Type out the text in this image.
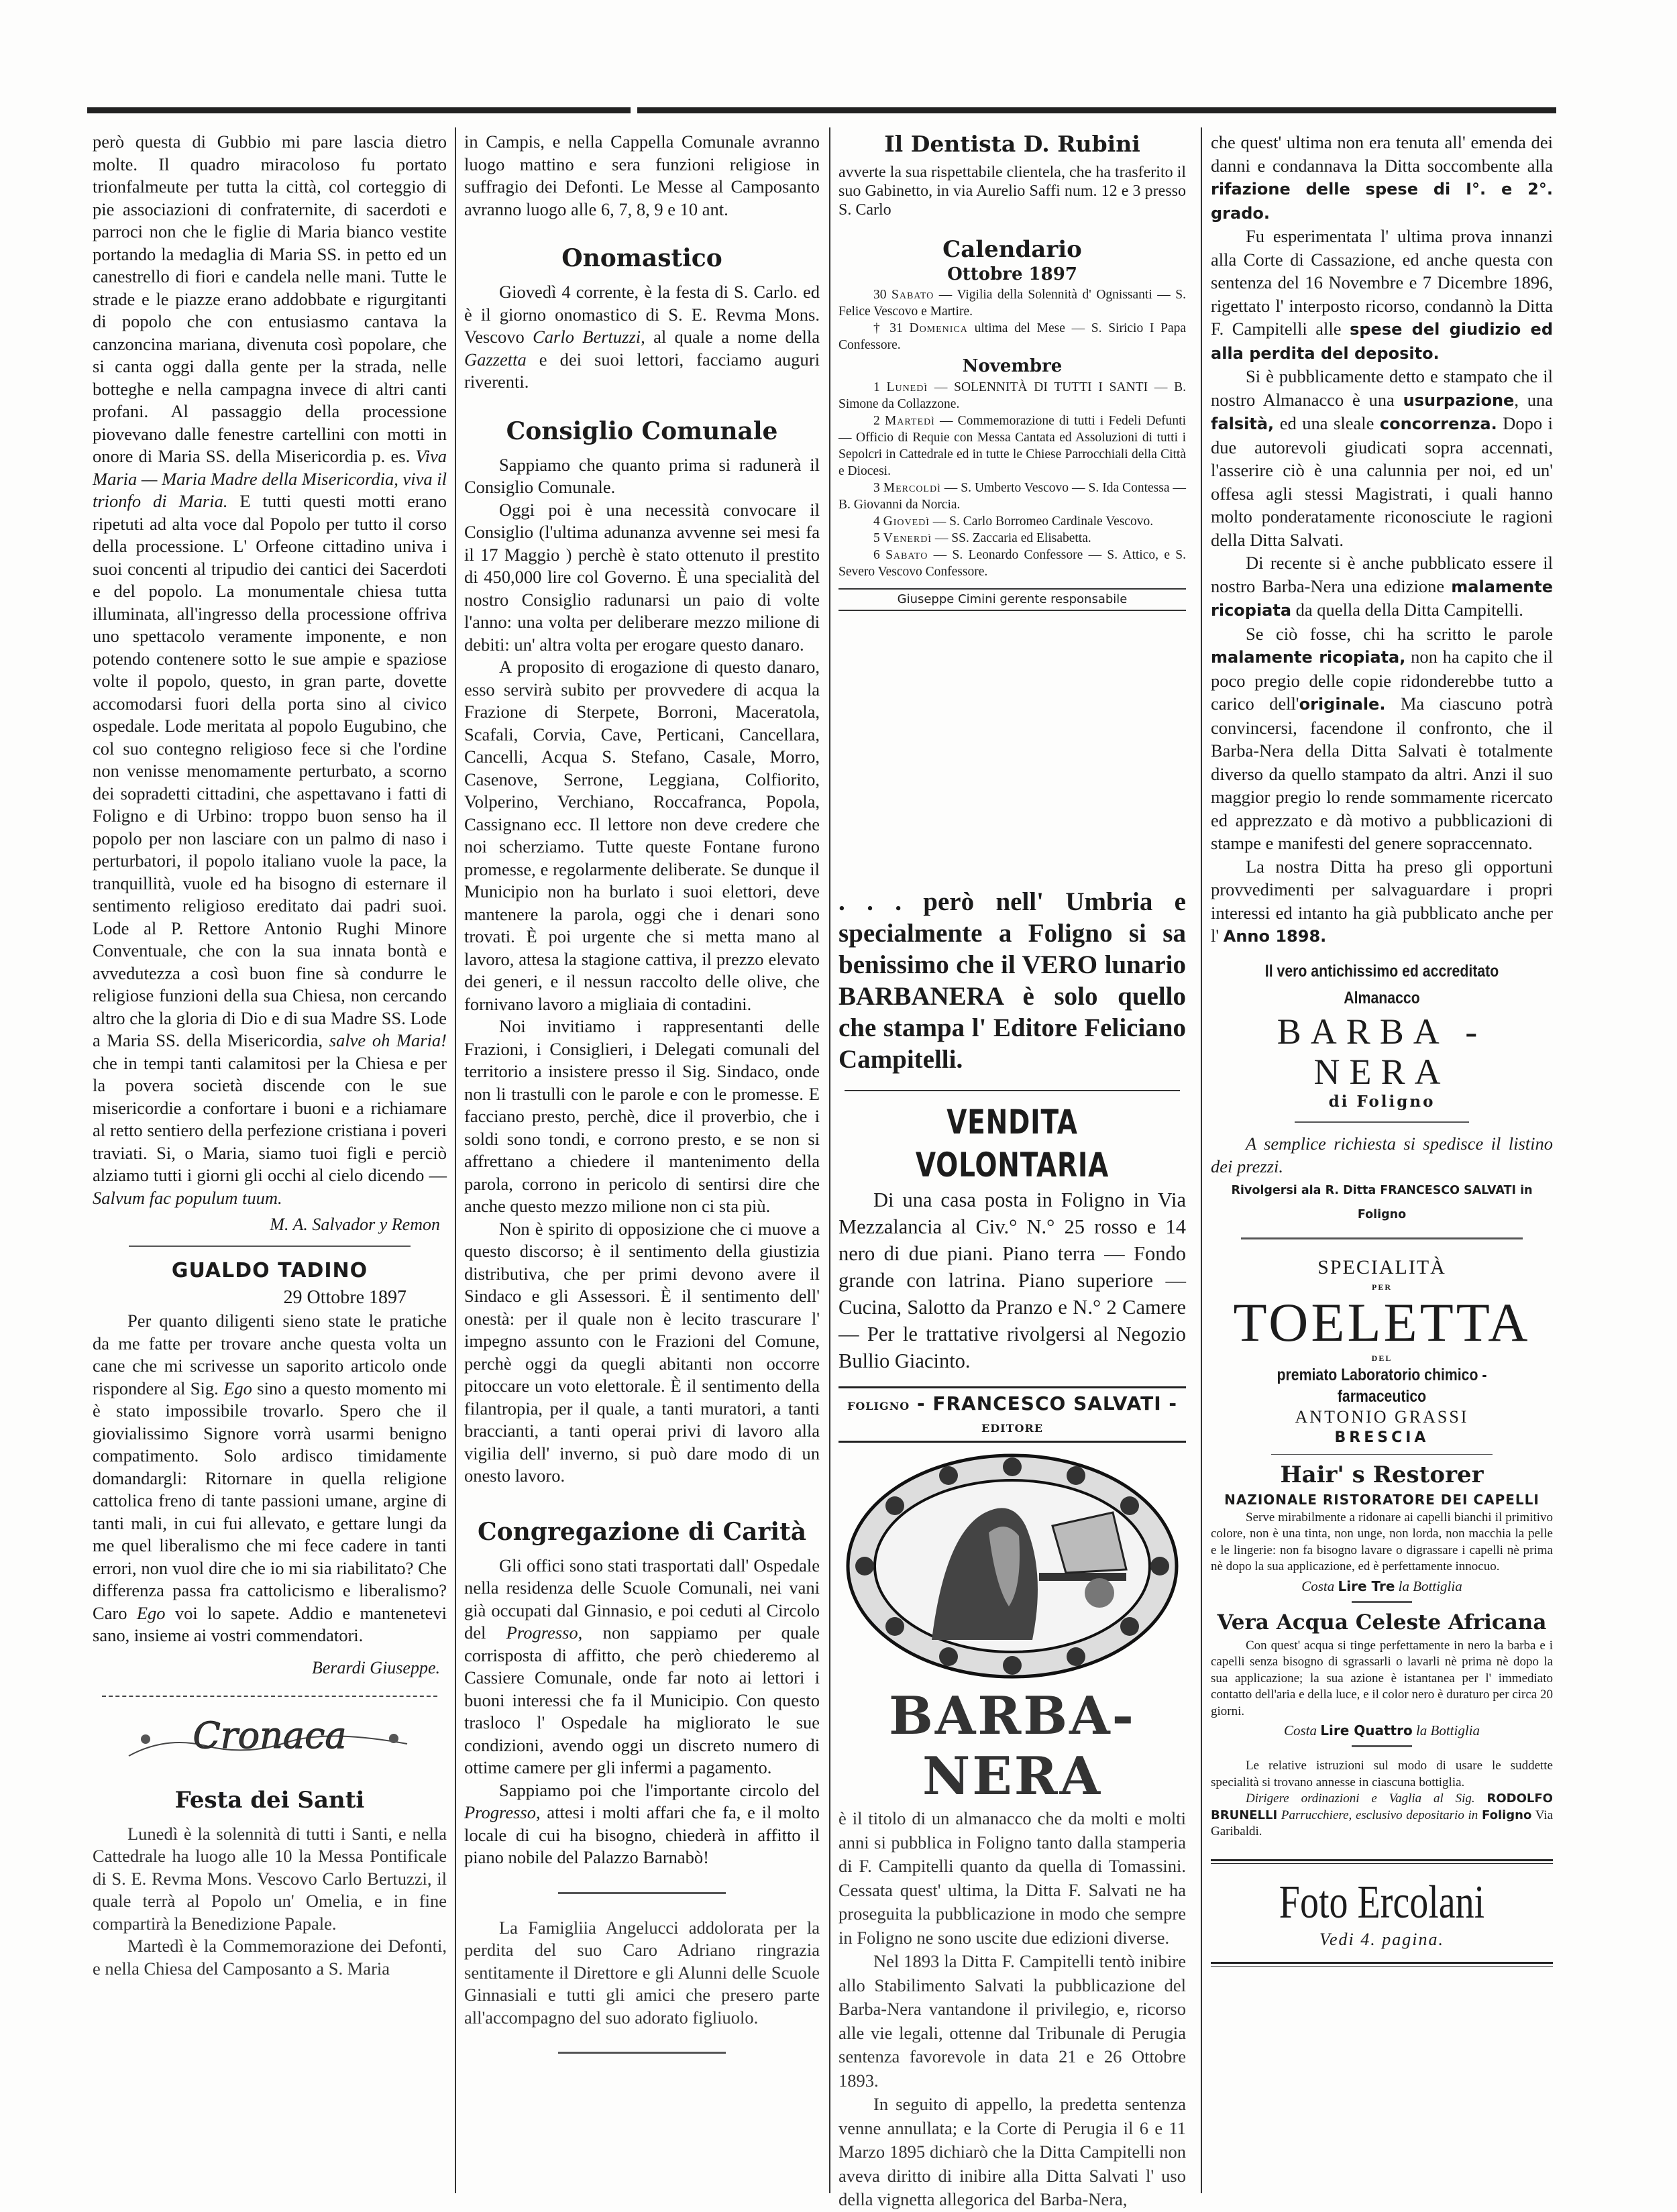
però questa di Gubbio mi pare lascia dietro molte. Il quadro miracoloso fu portato trionfalmeute per tutta la città, col corteggio di pie associazioni di confraternite, di sacerdoti e parroci non che le figlie di Maria bianco vestite portando la medaglia di Maria SS. in petto ed un canestrello di fiori e candela nelle mani. Tutte le strade e le piazze erano addobbate e rigurgitanti di popolo che con entusiasmo cantava la canzoncina mariana, divenuta così popolare, che si canta oggi dalla gente per la strada, nelle botteghe e nella campagna invece di altri canti profani. Al passaggio della processione piovevano dalle fenestre cartellini con motti in onore di Maria SS. della Misericordia p. es. Viva Maria — Maria Madre della Misericordia, viva il trionfo di Maria. E tutti questi motti erano ripetuti ad alta voce dal Popolo per tutto il corso della processione. L' Orfeone cittadino univa i suoi concenti al tripudio dei cantici dei Sacerdoti e del popolo. La monumentale chiesa tutta illuminata, all'ingresso della processione offriva uno spettacolo veramente imponente, e non potendo contenere sotto le sue ampie e spaziose volte il popolo, questo, in gran parte, dovette accomodarsi fuori della porta sino al civico ospedale. Lode meritata al popolo Eugubino, che col suo contegno religioso fece si che l'ordine non venisse menomamente perturbato, a scorno dei sopradetti cittadini, che aspettavano i fatti di Foligno e di Urbino: troppo buon senso ha il popolo per non lasciare con un palmo di naso i perturbatori, il popolo italiano vuole la pace, la tranquillità, vuole ed ha bisogno di esternare il sentimento religioso ereditato dai padri suoi. Lode al P. Rettore Antonio Rughi Minore Conventuale, che con la sua innata bontà e avvedutezza a così buon fine sà condurre le religiose funzioni della sua Chiesa, non cercando altro che la gloria di Dio e di sua Madre SS. Lode a Maria SS. della Misericordia, salve oh Maria! che in tempi tanti calamitosi per la Chiesa e per la povera società discende con le sue misericordie a confortare i buoni e a richiamare al retto sentiero della perfezione cristiana i poveri traviati. Si, o Maria, siamo tuoi figli e perciò alziamo tutti i giorni gli occhi al cielo dicendo — Salvum fac populum tuum.

M. A. Salvador y Remon
GUALDO TADINO
29 Ottobre 1897

Per quanto diligenti sieno state le pratiche da me fatte per trovare anche questa volta un cane che mi scrivesse un saporito articolo onde rispondere al Sig. Ego sino a questo momento mi è stato impossibile trovarlo. Spero che il giovialissimo Signore vorrà usarmi benigno compatimento. Solo ardisco timidamente domandargli: Ritornare in quella religione cattolica freno di tante passioni umane, argine di tanti mali, in cui fui allevato, e gettare lungi da me quel liberalismo che mi fece cadere in tanti errori, non vuol dire che io mi sia riabilitato? Che differenza passa fra cattolicismo e liberalismo? Caro Ego voi lo sapete. Addio e mantenetevi sano, insieme ai vostri commendatori.

Berardi Giuseppe.
Cronaca
Festa dei Santi

Lunedì è la solennità di tutti i Santi, e nella Cattedrale ha luogo alle 10 la Messa Pontificale di S. E. Revma Mons. Vescovo Carlo Bertuzzi, il quale terrà al Popolo un' Omelia, e in fine compartirà la Benedizione Papale.

Martedì è la Commemorazione dei Defonti, e nella Chiesa del Camposanto a S. Maria

in Campis, e nella Cappella Comunale avranno luogo mattino e sera funzioni religiose in suffragio dei Defonti. Le Messe al Camposanto avranno luogo alle 6, 7, 8, 9 e 10 ant.

Onomastico

Giovedì 4 corrente, è la festa di S. Carlo. ed è il giorno onomastico di S. E. Revma Mons. Vescovo Carlo Bertuzzi, al quale a nome della Gazzetta e dei suoi lettori, facciamo auguri riverenti.

Consiglio Comunale

Sappiamo che quanto prima si radunerà il Consiglio Comunale.

Oggi poi è una necessità convocare il Consiglio (l'ultima adunanza avvenne sei mesi fa il 17 Maggio ) perchè è stato ottenuto il prestito di 450,000 lire col Governo. È una specialità del nostro Consiglio radunarsi un paio di volte l'anno: una volta per deliberare mezzo milione di debiti: un' altra volta per erogare questo danaro.

A proposito di erogazione di questo danaro, esso servirà subito per provvedere di acqua la Frazione di Sterpete, Borroni, Maceratola, Scafali, Corvia, Cave, Perticani, Cancellara, Cancelli, Acqua S. Stefano, Casale, Morro, Casenove, Serrone, Leggiana, Colfiorito, Volperino, Verchiano, Roccafranca, Popola, Cassignano ecc. Il lettore non deve credere che noi scherziamo. Tutte queste Fontane furono promesse, e regolarmente deliberate. Se dunque il Municipio non ha burlato i suoi elettori, deve mantenere la parola, oggi che i denari sono trovati. È poi urgente che si metta mano al lavoro, attesa la stagione cattiva, il prezzo elevato dei generi, e il nessun raccolto delle olive, che fornivano lavoro a migliaia di contadini.

Noi invitiamo i rappresentanti delle Frazioni, i Consiglieri, i Delegati comunali del territorio a insistere presso il Sig. Sindaco, onde non li trastulli con le parole e con le promesse. E facciano presto, perchè, dice il proverbio, che i soldi sono tondi, e corrono presto, e se non si affrettano a chiedere il mantenimento della parola, corrono in pericolo di sentirsi dire che anche questo mezzo milione non ci sta più.

Non è spirito di opposizione che ci muove a questo discorso; è il sentimento della giustizia distributiva, che per primi devono avere il Sindaco e gli Assessori. È il sentimento dell' onestà: per il quale non è lecito trascurare l' impegno assunto con le Frazioni del Comune, perchè oggi da quegli abitanti non occorre pitoccare un voto elettorale. È il sentimento della filantropia, per il quale, a tanti muratori, a tanti braccianti, a tanti operai privi di lavoro alla vigilia dell' inverno, si può dare modo di un onesto lavoro.

Congregazione di Carità

Gli offici sono stati trasportati dall' Ospedale nella residenza delle Scuole Comunali, nei vani già occupati dal Ginnasio, e poi ceduti al Circolo del Progresso, non sappiamo per quale corrisposta di affitto, che però chiederemo al Cassiere Comunale, onde far noto ai lettori i buoni interessi che fa il Municipio. Con questo trasloco l' Ospedale ha migliorato le sue condizioni, avendo oggi un discreto numero di ottime camere per gli infermi a pagamento.

Sappiamo poi che l'importante circolo del Progresso, attesi i molti affari che fa, e il molto locale di cui ha bisogno, chiederà in affitto il piano nobile del Palazzo Barnabò!

La Famigliia Angelucci addolorata per la perdita del suo Caro Adriano ringrazia sentitamente il Direttore e gli Alunni delle Scuole Ginnasiali e tutti gli amici che presero parte all'accompagno del suo adorato figliuolo.

Il Dentista D. Rubini

avverte la sua rispettabile clientela, che ha trasferito il suo Gabinetto, in via Aurelio Saffi num. 12 e 3 presso S. Carlo

Calendario
Ottobre 1897

30 Sabato — Vigilia della Solennità d' Ognissanti — S. Felice Vescovo e Martire.

† 31 Domenica ultima del Mese — S. Siricio I Papa Confessore.

Novembre

1 Lunedì — SOLENNITÀ DI TUTTI I SANTI — B. Simone da Collazzone.

2 Martedì — Commemorazione di tutti i Fedeli Defunti — Officio di Requie con Messa Cantata ed Assoluzioni di tutti i Sepolcri in Cattedrale ed in tutte le Chiese Parrocchiali della Città e Diocesi.

3 Mercoldì — S. Umberto Vescovo — S. Ida Contessa — B. Giovanni da Norcia.

4 Giovedì — S. Carlo Borromeo Cardinale Vescovo.

5 Venerdì — SS. Zaccaria ed Elisabetta.

6 Sabato — S. Leonardo Confessore — S. Attico, e S. Severo Vescovo Confessore.

Giuseppe Cimini gerente responsabile

. . . però nell' Umbria e specialmente a Foligno si sa benissimo che il VERO lunario BARBANERA è solo quello che stampa l' Editore Feliciano Campitelli.

VENDITA VOLONTARIA

Di una casa posta in Foligno in Via Mezzalancia al Civ.° N.° 25 rosso e 14 nero di due piani. Piano terra — Fondo grande con latrina. Piano superiore — Cucina, Salotto da Pranzo e N.° 2 Camere — Per le trattative rivolgersi al Negozio Bullio Giacinto.

FOLIGNO - FRANCESCO SALVATI - EDITORE
BARBA-NERA

è il titolo di un almanacco che da molti e molti anni si pubblica in Foligno tanto dalla stamperia di F. Campitelli quanto da quella di Tomassini. Cessata quest' ultima, la Ditta F. Salvati ne ha proseguita la pubblicazione in modo che sempre in Foligno ne sono uscite due edizioni diverse.

Nel 1893 la Ditta F. Campitelli tentò inibire allo Stabilimento Salvati la pubblicazione del Barba-Nera vantandone il privilegio, e, ricorso alle vie legali, ottenne dal Tribunale di Perugia sentenza favorevole in data 21 e 26 Ottobre 1893.

In seguito di appello, la predetta sentenza venne annullata; e la Corte di Perugia il 6 e 11 Marzo 1895 dichiarò che la Ditta Campitelli non aveva diritto di inibire alla Ditta Salvati l' uso della vignetta allegorica del Barba-Nera,

che quest' ultima non era tenuta all' emenda dei danni e condannava la Ditta soccombente alla rifazione delle spese di I°. e 2°. grado.

Fu esperimentata l' ultima prova innanzi alla Corte di Cassazione, ed anche questa con sentenza del 16 Novembre e 7 Dicembre 1896, rigettato l' interposto ricorso, condannò la Ditta F. Campitelli alle spese del giudizio ed alla perdita del deposito.

Si è pubblicamente detto e stampato che il nostro Almanacco è una usurpazione, una falsità, ed una sleale concorrenza. Dopo i due autorevoli giudicati sopra accennati, l'asserire ciò è una calunnia per noi, ed un' offesa agli stessi Magistrati, i quali hanno molto ponderatamente riconosciute le ragioni della Ditta Salvati.

Di recente si è anche pubblicato essere il nostro Barba-Nera una edizione malamente ricopiata da quella della Ditta Campitelli.

Se ciò fosse, chi ha scritto le parole malamente ricopiata, non ha capito che il poco pregio delle copie ridonderebbe tutto a carico dell'originale. Ma ciascuno potrà convincersi, facendone il confronto, che il Barba-Nera della Ditta Salvati è totalmente diverso da quello stampato da altri. Anzi il suo maggior pregio lo rende sommamente ricercato ed apprezzato e dà motivo a pubblicazioni di stampe e manifesti del genere sopraccennato.

La nostra Ditta ha preso gli opportuni provvedimenti per salvaguardare i propri interessi ed intanto ha già pubblicato anche per l' Anno 1898.

Il vero antichissimo ed accreditato Almanacco
BARBA - NERA
di Foligno

A semplice richiesta si spedisce il listino dei prezzi.

Rivolgersi ala R. Ditta FRANCESCO SALVATI in Foligno
SPECIALITÀ
PER
TOELETTA
DEL
premiato Laboratorio chimico - farmaceutico
ANTONIO GRASSI
BRESCIA
Hair' s Restorer
NAZIONALE RISTORATORE DEI CAPELLI

Serve mirabilmente a ridonare ai capelli bianchi il primitivo colore, non è una tinta, non unge, non lorda, non macchia la pelle e le lingerie: non fa bisogno lavare o digrassare i capelli nè prima nè dopo la sua applicazione, ed è perfettamente innocuo.

Costa Lire Tre la Bottiglia
Vera Acqua Celeste Africana

Con quest' acqua si tinge perfettamente in nero la barba e i capelli senza bisogno di sgrassarli o lavarli nè prima nè dopo la sua applicazione; la sua azione è istantanea per l' immediato contatto dell'aria e della luce, e il color nero è duraturo per circa 20 giorni.

Costa Lire Quattro la Bottiglia

Le relative istruzioni sul modo di usare le suddette specialità si trovano annesse in ciascuna bottiglia.

Dirigere ordinazioni e Vaglia al Sig. RODOLFO BRUNELLI Parrucchiere, esclusivo depositario in Foligno Via Garibaldi.

Foto Ercolani
Vedi 4. pagina.
